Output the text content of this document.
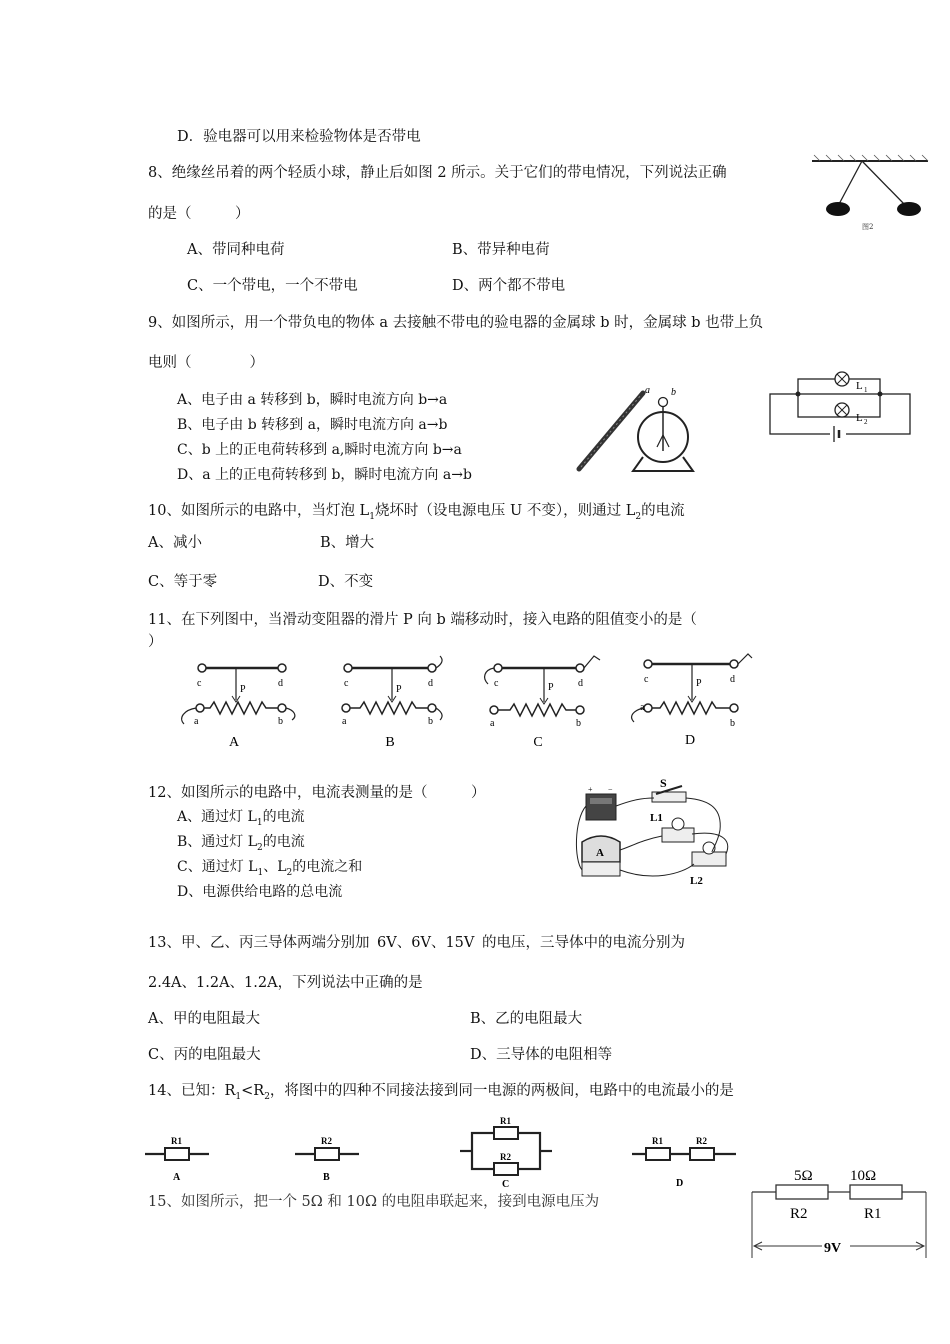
D．验电器可以用来检验物体是否带电
8、绝缘丝吊着的两个轻质小球，静止后如图 2 所示。关于它们的带电情况，下列说法正确
的是（　　　）
A、带同种电荷	B、带异种电荷
C、一个带电，一个不带电	D、两个都不带电
图2
9、如图所示，用一个带负电的物体 a 去接触不带电的验电器的金属球 b 时，金属球 b 也带上负
电则（　　　　）
A、电子由 a 转移到 b，瞬时电流方向 b→a
B、电子由 b 转移到 a，瞬时电流方向 a→b
C、b 上的正电荷转移到 a,瞬时电流方向 b→a
D、a 上的正电荷转移到 b，瞬时电流方向 a→b
a b
L 1
L 2
10、如图所示的电路中，当灯泡 $L_1$烧坏时（设电源电压 U 不变），则通过 $L_2$的电流
A、减小	B、增大
C、等于零	D、不变
11、在下列图中，当滑动变阻器的滑片 P 向 b 端移动时，接入电路的阻值变小的是（
）
c	d
P
a	b
A
c	d
P
a	b
B
c	d
P
a	b
C
c	d
P
a
b
D
12、如图所示的电路中，电流表测量的是（　　　）
A、通过灯 $L_1$的电流
B、通过灯 $L_2$的电流
C、通过灯 $L_1$、$L_2$的电流之和
D、电源供给电路的总电流
+ −	S
L1
L2
A
13、甲、乙、丙三导体两端分别加 6V、6V、15V 的电压，三导体中的电流分别为
2.4A、1.2A、1.2A，下列说法中正确的是
A、甲的电阻最大	B、乙的电阻最大
C、丙的电阻最大	D、三导体的电阻相等
14、已知：$R_1<R_2$，将图中的四种不同接法接到同一电源的两极间，电路中的电流最小的是
R1
A
R2
B
R1
R2
C
R1	R2
D
15、如图所示，把一个 5Ω 和 10Ω 的电阻串联起来，接到电源电压为
5Ω 10Ω
R2	R1
9V
